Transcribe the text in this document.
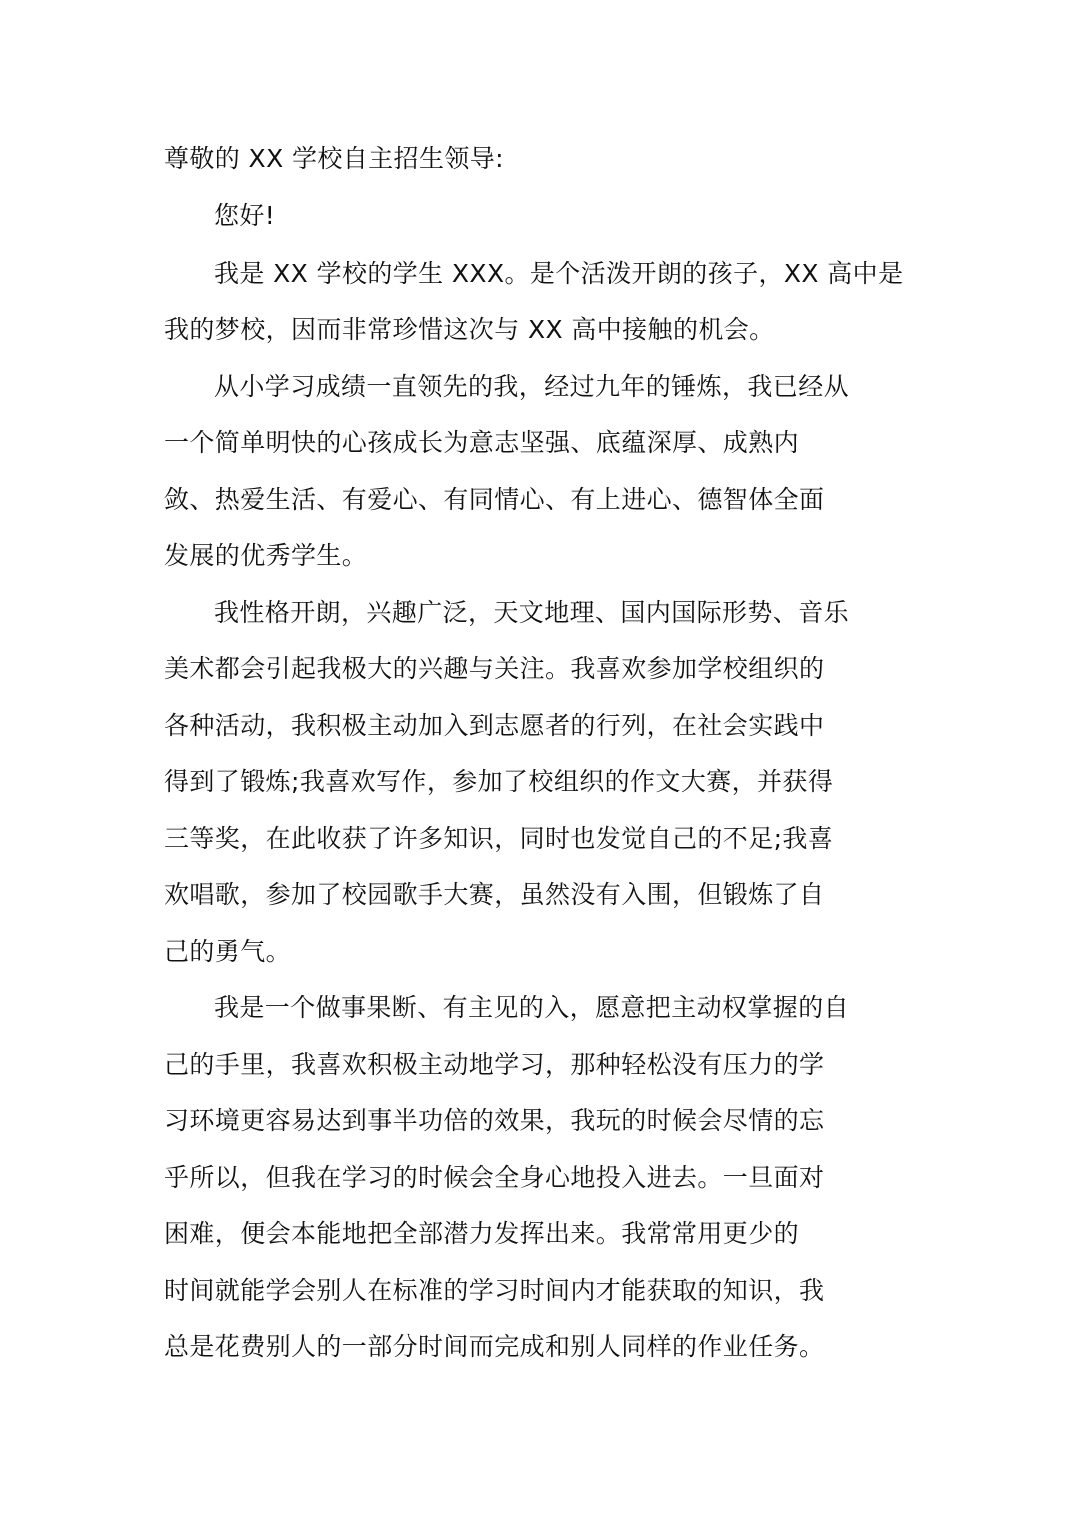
尊敬的 XX 学校自主招生领导:

您好!

我是 XX 学校的学生 XXX。是个活泼开朗的孩子，XX 高中是

我的梦校，因而非常珍惜这次与 XX 高中接触的机会。

从小学习成绩一直领先的我，经过九年的锤炼，我已经从

一个简单明快的心孩成长为意志坚强、底蕴深厚、成熟内

敛、热爱生活、有爱心、有同情心、有上进心、德智体全面

发展的优秀学生。

我性格开朗，兴趣广泛，天文地理、国内国际形势、音乐

美术都会引起我极大的兴趣与关注。我喜欢参加学校组织的

各种活动，我积极主动加入到志愿者的行列，在社会实践中

得到了锻炼;我喜欢写作，参加了校组织的作文大赛，并获得

三等奖，在此收获了许多知识，同时也发觉自己的不足;我喜

欢唱歌，参加了校园歌手大赛，虽然没有入围，但锻炼了自

己的勇气。

我是一个做事果断、有主见的入，愿意把主动权掌握的自

己的手里，我喜欢积极主动地学习，那种轻松没有压力的学

习环境更容易达到事半功倍的效果，我玩的时候会尽情的忘

乎所以，但我在学习的时候会全身心地投入进去。一旦面对

困难，便会本能地把全部潜力发挥出来。我常常用更少的

时间就能学会别人在标准的学习时间内才能获取的知识，我

总是花费别人的一部分时间而完成和别人同样的作业任务。
